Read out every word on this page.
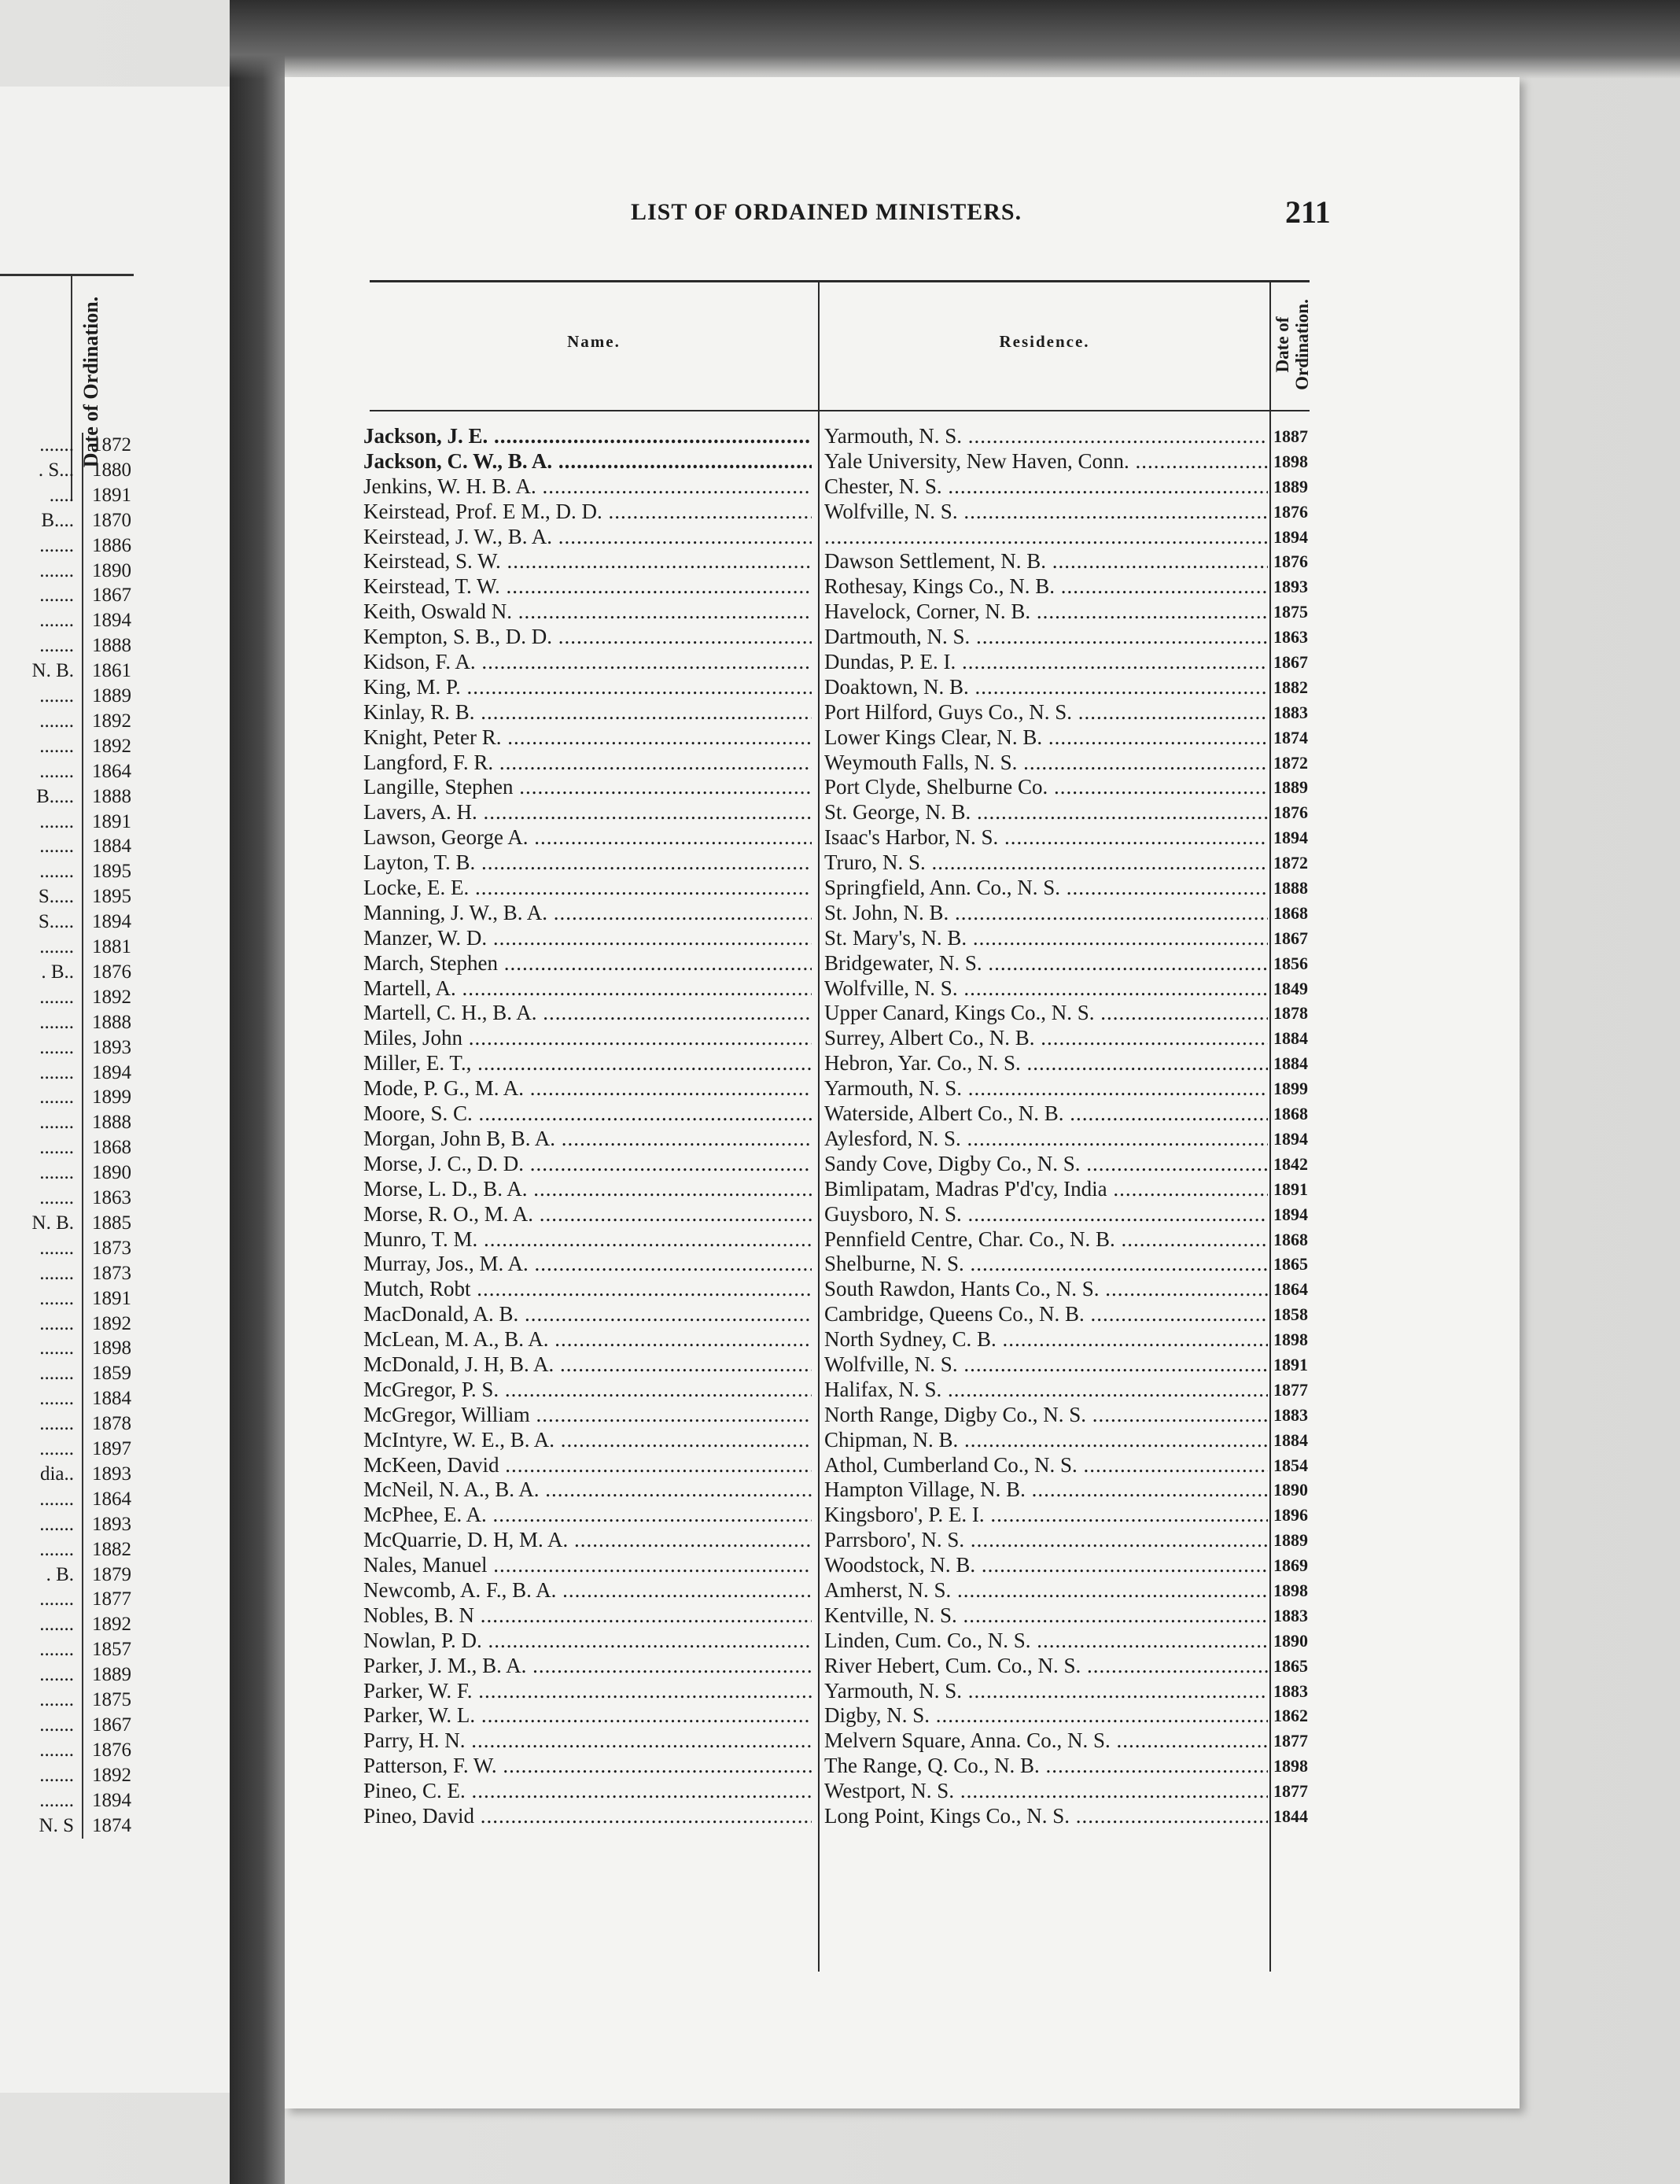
Date of Ordination.
....... 1872
. S... 1880
..... 1891
B.... 1870
....... 1886
....... 1890
....... 1867
....... 1894
....... 1888
N. B. 1861
....... 1889
....... 1892
....... 1892
....... 1864
B..... 1888
....... 1891
....... 1884
....... 1895
S..... 1895
S..... 1894
....... 1881
. B.. 1876
....... 1892
....... 1888
....... 1893
....... 1894
....... 1899
....... 1888
....... 1868
....... 1890
....... 1863
N. B. 1885
....... 1873
....... 1873
....... 1891
....... 1892
....... 1898
....... 1859
....... 1884
....... 1878
....... 1897
dia.. 1893
....... 1864
....... 1893
....... 1882
. B. 1879
....... 1877
....... 1892
....... 1857
....... 1889
....... 1875
....... 1867
....... 1876
....... 1892
....... 1894
N. S 1874
LIST OF ORDAINED MINISTERS.	211
Name.	Residence.	Date of Ordination.
Jackson, J. E. .....	Yarmouth, N. S. .....	1887
Jackson, C. W., B. A. .....	Yale University, New Haven, Conn. .....	1898
Jenkins, W. H. B. A. .....	Chester, N. S. .....	1889
Keirstead, Prof. E M., D. D. .....	Wolfville, N. S. .....	1876
Keirstead, J. W., B. A. ..... .....	1894
Keirstead, S. W. .....	Dawson Settlement, N. B. .....	1876
Keirstead, T. W. .....	Rothesay, Kings Co., N. B. .....	1893
Keith, Oswald N. .....	Havelock, Corner, N. B. .....	1875
Kempton, S. B., D. D. .....	Dartmouth, N. S. .....	1863
Kidson, F. A. .....	Dundas, P. E. I. .....	1867
King, M. P. .....	Doaktown, N. B. .....	1882
Kinlay, R. B. .....	Port Hilford, Guys Co., N. S. .....	1883
Knight, Peter R. .....	Lower Kings Clear, N. B. .....	1874
Langford, F. R. .....	Weymouth Falls, N. S. .....	1872
Langille, Stephen .....	Port Clyde, Shelburne Co. .....	1889
Lavers, A. H. .....	St. George, N. B. .....	1876
Lawson, George A. .....	Isaac's Harbor, N. S. .....	1894
Layton, T. B. .....	Truro, N. S. .....	1872
Locke, E. E. .....	Springfield, Ann. Co., N. S. .....	1888
Manning, J. W., B. A. .....	St. John, N. B. .....	1868
Manzer, W. D. .....	St. Mary's, N. B. .....	1867
March, Stephen .....	Bridgewater, N. S. .....	1856
Martell, A. .....	Wolfville, N. S. .....	1849
Martell, C. H., B. A. .....	Upper Canard, Kings Co., N. S. .....	1878
Miles, John .....	Surrey, Albert Co., N. B. .....	1884
Miller, E. T., .....	Hebron, Yar. Co., N. S. .....	1884
Mode, P. G., M. A. .....	Yarmouth, N. S. .....	1899
Moore, S. C. .....	Waterside, Albert Co., N. B. .....	1868
Morgan, John B, B. A. .....	Aylesford, N. S. .....	1894
Morse, J. C., D. D. .....	Sandy Cove, Digby Co., N. S. .....	1842
Morse, L. D., B. A. .....	Bimlipatam, Madras P'd'cy, India .....	1891
Morse, R. O., M. A. .....	Guysboro, N. S. .....	1894
Munro, T. M. .....	Pennfield Centre, Char. Co., N. B. .....	1868
Murray, Jos., M. A. .....	Shelburne, N. S. .....	1865
Mutch, Robt .....	South Rawdon, Hants Co., N. S. .....	1864
MacDonald, A. B. .....	Cambridge, Queens Co., N. B. .....	1858
McLean, M. A., B. A. .....	North Sydney, C. B. .....	1898
McDonald, J. H, B. A. .....	Wolfville, N. S. .....	1891
McGregor, P. S. .....	Halifax, N. S. .....	1877
McGregor, William .....	North Range, Digby Co., N. S. .....	1883
McIntyre, W. E., B. A. .....	Chipman, N. B. .....	1884
McKeen, David .....	Athol, Cumberland Co., N. S. .....	1854
McNeil, N. A., B. A. .....	Hampton Village, N. B. .....	1890
McPhee, E. A. .....	Kingsboro', P. E. I. .....	1896
McQuarrie, D. H, M. A. .....	Parrsboro', N. S. .....	1889
Nales, Manuel .....	Woodstock, N. B. .....	1869
Newcomb, A. F., B. A. .....	Amherst, N. S. .....	1898
Nobles, B. N .....	Kentville, N. S. .....	1883
Nowlan, P. D. .....	Linden, Cum. Co., N. S. .....	1890
Parker, J. M., B. A. .....	River Hebert, Cum. Co., N. S. .....	1865
Parker, W. F. .....	Yarmouth, N. S. .....	1883
Parker, W. L. .....	Digby, N. S. .....	1862
Parry, H. N. .....	Melvern Square, Anna. Co., N. S. .....	1877
Patterson, F. W. .....	The Range, Q. Co., N. B. .....	1898
Pineo, C. E. .....	Westport, N. S. .....	1877
Pineo, David .....	Long Point, Kings Co., N. S. .....	1844
